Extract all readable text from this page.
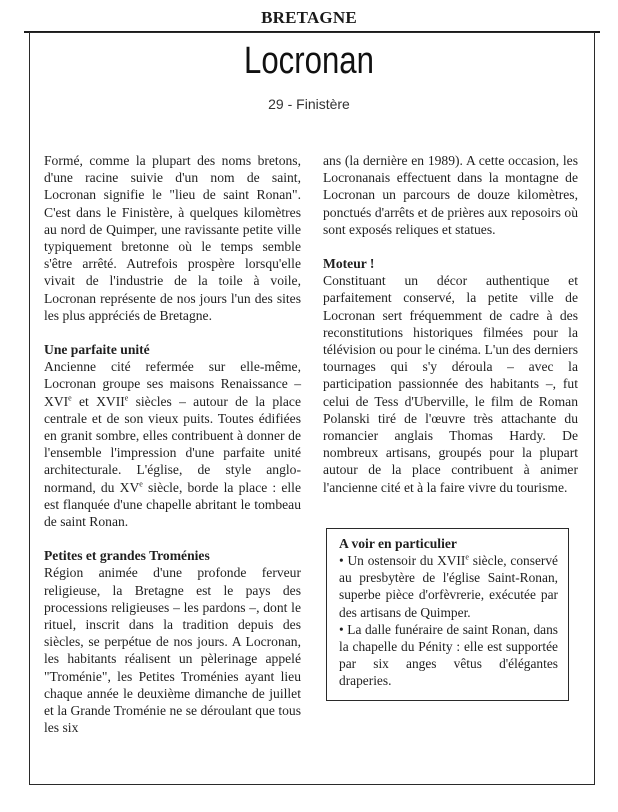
BRETAGNE
Locronan
29 - Finistère

Formé, comme la plupart des noms bretons, d'une racine suivie d'un nom de saint, Locronan signifie le "lieu de saint Ronan". C'est dans le Finistère, à quelques kilomètres au nord de Quimper, une ravissante petite ville typiquement bretonne où le temps semble s'être arrêté. Autrefois prospère lorsqu'elle vivait de l'industrie de la toile à voile, Locronan représente de nos jours l'un des sites les plus appréciés de Bretagne.

Une parfaite unité

Ancienne cité refermée sur elle-même, Locronan groupe ses maisons Renaissance – XVIe et XVIIe siècles – autour de la place centrale et de son vieux puits. Toutes édifiées en granit sombre, elles contribuent à donner de l'ensemble l'impression d'une parfaite unité architecturale. L'église, de style anglo-normand, du XVe siècle, borde la place : elle est flanquée d'une chapelle abritant le tombeau de saint Ronan.

Petites et grandes Troménies

Région animée d'une profonde ferveur religieuse, la Bretagne est le pays des processions religieuses – les pardons –, dont le rituel, inscrit dans la tradition depuis des siècles, se perpétue de nos jours. A Locronan, les habitants réalisent un pèlerinage appelé "Troménie", les Petites Troménies ayant lieu chaque année le deuxième dimanche de juillet et la Grande Troménie ne se déroulant que tous les six

ans (la dernière en 1989). A cette occasion, les Locronanais effectuent dans la montagne de Locronan un parcours de douze kilomètres, ponctués d'arrêts et de prières aux reposoirs où sont exposés reliques et statues.

Moteur !

Constituant un décor authentique et parfaitement conservé, la petite ville de Locronan sert fréquemment de cadre à des reconstitutions historiques filmées pour la télévision ou pour le cinéma. L'un des derniers tournages qui s'y déroula – avec la participation passionnée des habitants –, fut celui de Tess d'Uberville, le film de Roman Polanski tiré de l'œuvre très attachante du romancier anglais Thomas Hardy. De nombreux artisans, groupés pour la plupart autour de la place contribuent à animer l'ancienne cité et à la faire vivre du tourisme.

A voir en particulier

• Un ostensoir du XVIIe siècle, conservé au presbytère de l'église Saint-Ronan, superbe pièce d'orfèvrerie, exécutée par des artisans de Quimper.

• La dalle funéraire de saint Ronan, dans la chapelle du Pénity : elle est supportée par six anges vêtus d'élégantes draperies.
